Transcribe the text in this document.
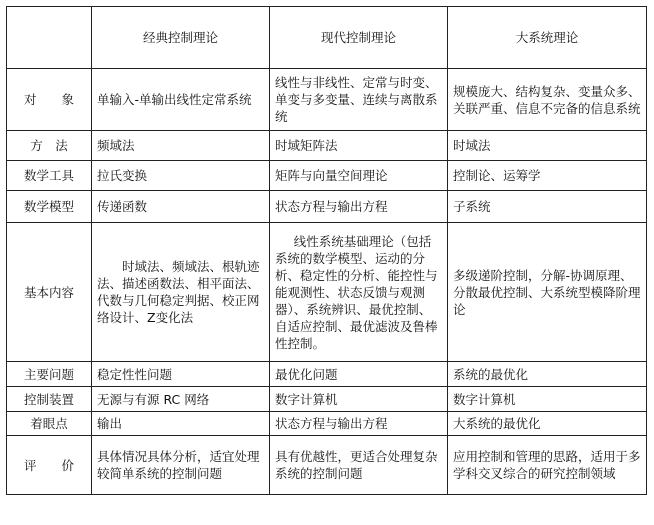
	经典控制理论	现代控制理论	大系统理论
对　　象	单输入-单输出线性定常系统	线性与非线性、定常与时变、单变与多变量、连续与离散系统	规模庞大、结构复杂、变量众多、关联严重、信息不完备的信息系统
方　法	频域法	时域矩阵法	时域法
数学工具	拉氏变换	矩阵与向量空间理论	控制论、运筹学
数学模型	传递函数	状态方程与输出方程	子系统
基本内容	时域法、频域法、根轨迹法、描述函数法、相平面法、代数与几何稳定判据、校正网络设计、Z变化法	线性系统基础理论（包括系统的数学模型、运动的分析、稳定性的分析、能控性与能观测性、状态反馈与观测器）、系统辨识、最优控制、自适应控制、最优滤波及鲁棒性控制。	多级递阶控制，分解-协调原理、分散最优控制、大系统型模降阶理论
主要问题	稳定性性问题	最优化问题	系统的最优化
控制装置	无源与有源 RC 网络	数字计算机	数字计算机
着眼点	输出	状态方程与输出方程	大系统的最优化
评　　价	具体情况具体分析，适宜处理较简单系统的控制问题	具有优越性，更适合处理复杂系统的控制问题	应用控制和管理的思路，适用于多学科交叉综合的研究控制领域
